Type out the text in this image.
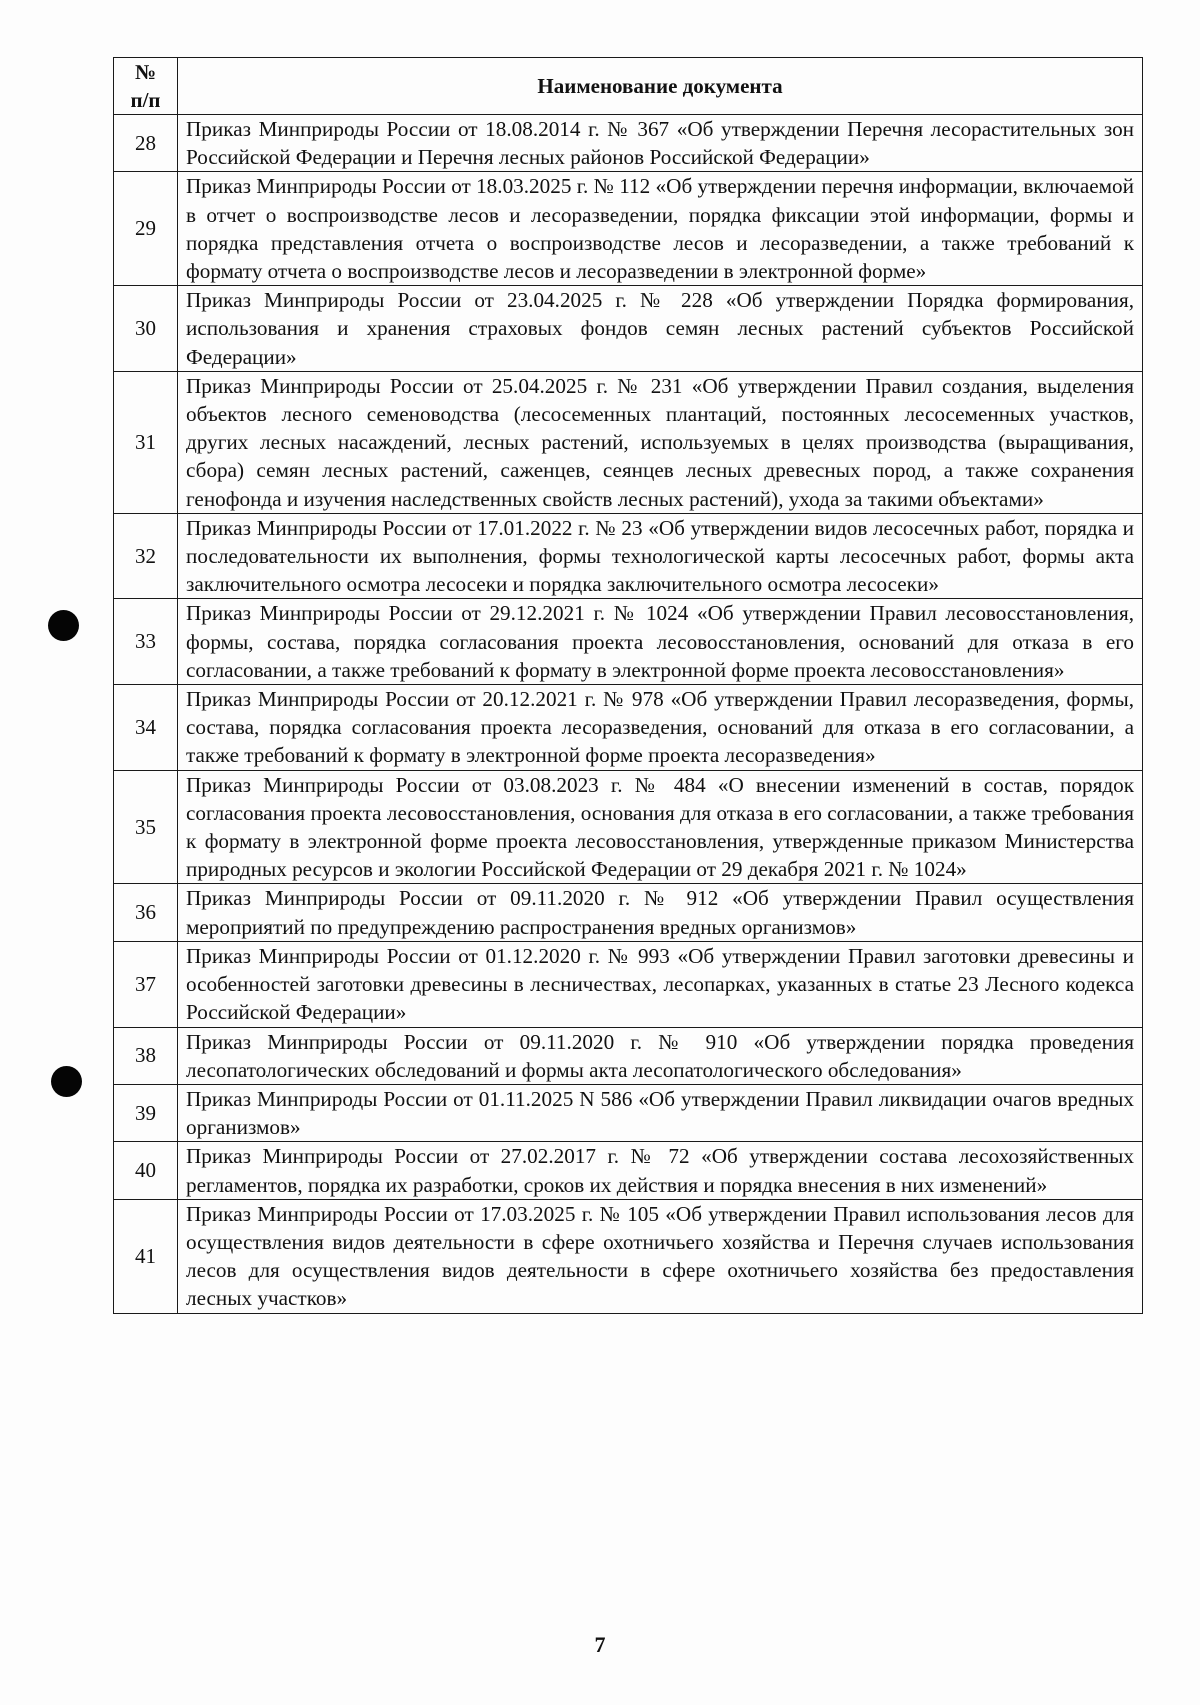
№
п/п	Наименование документа
28	Приказ Минприроды России от 18.08.2014 г. № 367 «Об утверждении Перечня лесорастительных зон Российской Федерации и Перечня лесных районов Российской Федерации»
29	Приказ Минприроды России от 18.03.2025 г. № 112 «Об утверждении перечня информации, включаемой в отчет о воспроизводстве лесов и лесоразведении, порядка фиксации этой информации, формы и порядка представления отчета о воспроизводстве лесов и лесоразведении, а также требований к формату отчета о воспроизводстве лесов и лесоразведении в электронной форме»
30	Приказ Минприроды России от 23.04.2025 г. № 228 «Об утверждении Порядка формирования, использования и хранения страховых фондов семян лесных растений субъектов Российской Федерации»
31	Приказ Минприроды России от 25.04.2025 г. № 231 «Об утверждении Правил создания, выделения объектов лесного семеноводства (лесосеменных плантаций, постоянных лесосеменных участков, других лесных насаждений, лесных растений, используемых в целях производства (выращивания, сбора) семян лесных растений, саженцев, сеянцев лесных древесных пород, а также сохранения генофонда и изучения наследственных свойств лесных растений), ухода за такими объектами»
32	Приказ Минприроды России от 17.01.2022 г. № 23 «Об утверждении видов лесосечных работ, порядка и последовательности их выполнения, формы технологической карты лесосечных работ, формы акта заключительного осмотра лесосеки и порядка заключительного осмотра лесосеки»
33	Приказ Минприроды России от 29.12.2021 г. № 1024 «Об утверждении Правил лесовосстановления, формы, состава, порядка согласования проекта лесовосстановления, оснований для отказа в его согласовании, а также требований к формату в электронной форме проекта лесовосстановления»
34	Приказ Минприроды России от 20.12.2021 г. № 978 «Об утверждении Правил лесоразведения, формы, состава, порядка согласования проекта лесоразведения, оснований для отказа в его согласовании, а также требований к формату в электронной форме проекта лесоразведения»
35	Приказ Минприроды России от 03.08.2023 г. № 484 «О внесении изменений в состав, порядок согласования проекта лесовосстановления, основания для отказа в его согласовании, а также требования к формату в электронной форме проекта лесовосстановления, утвержденные приказом Министерства природных ресурсов и экологии Российской Федерации от 29 декабря 2021 г. № 1024»
36	Приказ Минприроды России от 09.11.2020 г. № 912 «Об утверждении Правил осуществления мероприятий по предупреждению распространения вредных организмов»
37	Приказ Минприроды России от 01.12.2020 г. № 993 «Об утверждении Правил заготовки древесины и особенностей заготовки древесины в лесничествах, лесопарках, указанных в статье 23 Лесного кодекса Российской Федерации»
38	Приказ Минприроды России от 09.11.2020 г. № 910 «Об утверждении порядка проведения лесопатологических обследований и формы акта лесопатологического обследования»
39	Приказ Минприроды России от 01.11.2025 N 586 «Об утверждении Правил ликвидации очагов вредных организмов»
40	Приказ Минприроды России от 27.02.2017 г. № 72 «Об утверждении состава лесохозяйственных регламентов, порядка их разработки, сроков их действия и порядка внесения в них изменений»
41	Приказ Минприроды России от 17.03.2025 г. № 105 «Об утверждении Правил использования лесов для осуществления видов деятельности в сфере охотничьего хозяйства и Перечня случаев использования лесов для осуществления видов деятельности в сфере охотничьего хозяйства без предоставления лесных участков»
7
